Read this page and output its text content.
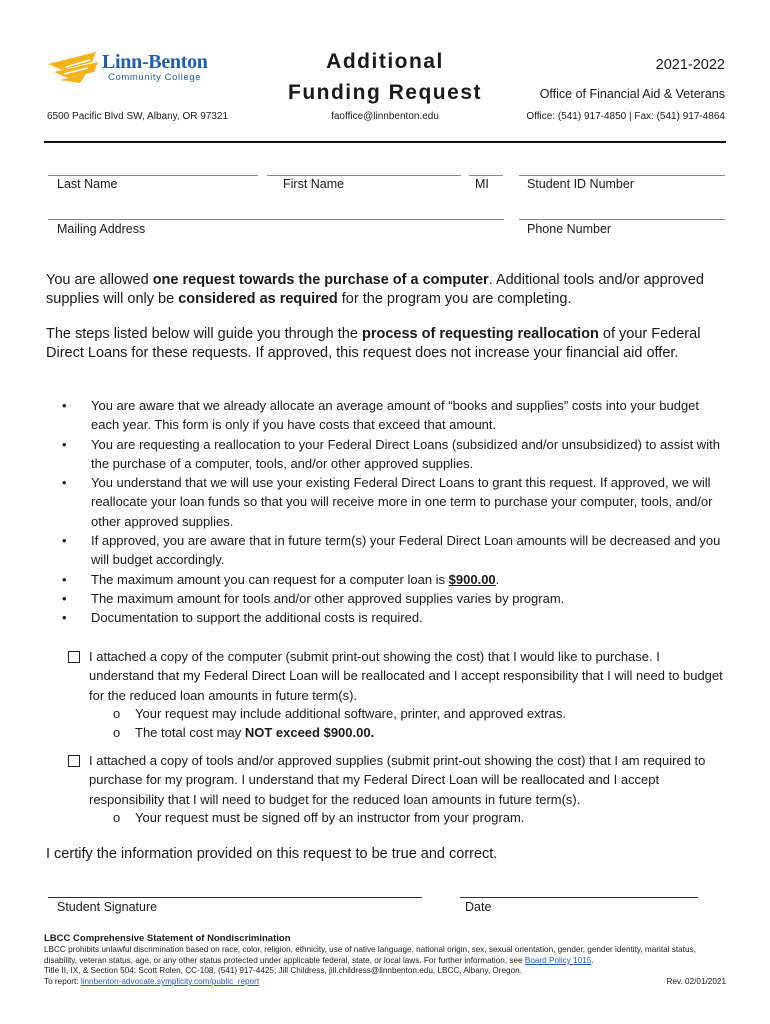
Linn-Benton
Community College
6500 Pacific Blvd SW, Albany, OR 97321
Additional
Funding Request
faoffice@linnbenton.edu
2021-2022
Office of Financial Aid & Veterans
Office: (541) 917-4850 | Fax: (541) 917-4864
Last Name	First Name	MI	Student ID Number
Mailing Address	Phone Number
You are allowed one request towards the purchase of a computer. Additional tools and/or approved supplies will only be considered as required for the program you are completing.
The steps listed below will guide you through the process of requesting reallocation of your Federal Direct Loans for these requests. If approved, this request does not increase your financial aid offer.
• You are aware that we already allocate an average amount of “books and supplies” costs into your budget each year. This form is only if you have costs that exceed that amount.
• You are requesting a reallocation to your Federal Direct Loans (subsidized and/or unsubsidized) to assist with the purchase of a computer, tools, and/or other approved supplies.
• You understand that we will use your existing Federal Direct Loans to grant this request. If approved, we will reallocate your loan funds so that you will receive more in one term to purchase your computer, tools, and/or other approved supplies.
• If approved, you are aware that in future term(s) your Federal Direct Loan amounts will be decreased and you will budget accordingly.
• The maximum amount you can request for a computer loan is $900.00.
• The maximum amount for tools and/or other approved supplies varies by program.
• Documentation to support the additional costs is required.
I attached a copy of the computer (submit print-out showing the cost) that I would like to purchase. I understand that my Federal Direct Loan will be reallocated and I accept responsibility that I will need to budget for the reduced loan amounts in future term(s).
o Your request may include additional software, printer, and approved extras.
o The total cost may NOT exceed $900.00.
I attached a copy of tools and/or approved supplies (submit print-out showing the cost) that I am required to purchase for my program. I understand that my Federal Direct Loan will be reallocated and I accept responsibility that I will need to budget for the reduced loan amounts in future term(s).
o Your request must be signed off by an instructor from your program.
I certify the information provided on this request to be true and correct.
Student Signature	Date
LBCC Comprehensive Statement of Nondiscrimination
LBCC prohibits unlawful discrimination based on race, color, religion, ethnicity, use of native language, national origin, sex, sexual orientation, gender, gender identity, marital status, disability, veteran status, age, or any other status protected under applicable federal, state, or local laws. For further information, see Board Policy 1015.
Title II, IX, & Section 504: Scott Rolen, CC-108, (541) 917-4425; Jill Childress, jill.childress@linnbenton.edu, LBCC, Albany, Oregon.
To report: linnbenton-advocate.symplicity.com/public_report	Rev. 02/01/2021
